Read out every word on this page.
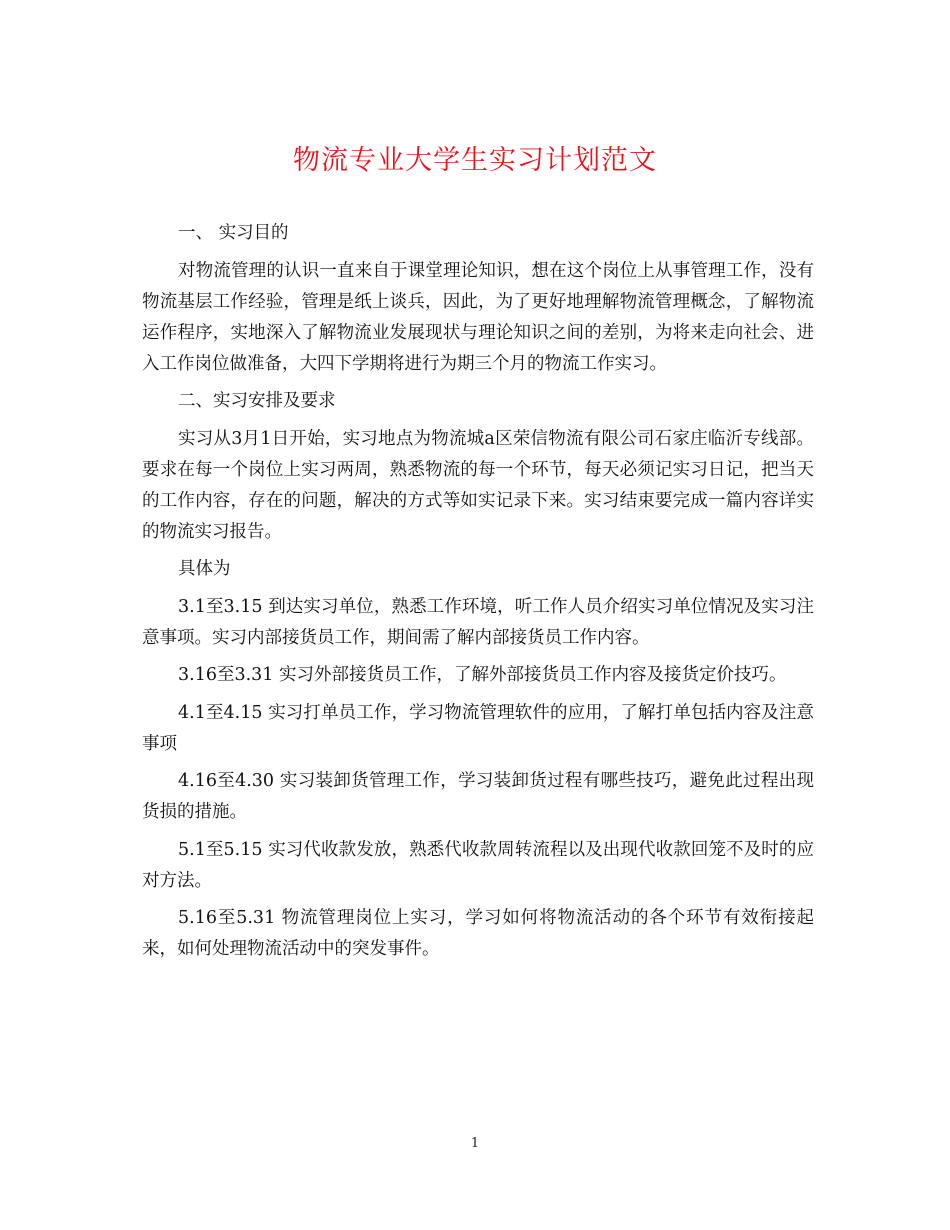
物流专业大学生实习计划范文

一、 实习目的

对物流管理的认识一直来自于课堂理论知识，想在这个岗位上从事管理工作，没有物流基层工作经验，管理是纸上谈兵，因此，为了更好地理解物流管理概念，了解物流运作程序，实地深入了解物流业发展现状与理论知识之间的差别，为将来走向社会、进入工作岗位做准备，大四下学期将进行为期三个月的物流工作实习。

二、实习安排及要求

实习从3月1日开始，实习地点为物流城a区荣信物流有限公司石家庄临沂专线部。要求在每一个岗位上实习两周，熟悉物流的每一个环节，每天必须记实习日记，把当天的工作内容，存在的问题，解决的方式等如实记录下来。实习结束要完成一篇内容详实的物流实习报告。

具体为

3.1至3.15 到达实习单位，熟悉工作环境，听工作人员介绍实习单位情况及实习注意事项。实习内部接货员工作，期间需了解内部接货员工作内容。

3.16至3.31 实习外部接货员工作，了解外部接货员工作内容及接货定价技巧。

4.1至4.15 实习打单员工作，学习物流管理软件的应用，了解打单包括内容及注意事项

4.16至4.30 实习装卸货管理工作，学习装卸货过程有哪些技巧，避免此过程出现货损的措施。

5.1至5.15 实习代收款发放，熟悉代收款周转流程以及出现代收款回笼不及时的应对方法。

5.16至5.31 物流管理岗位上实习，学习如何将物流活动的各个环节有效衔接起来，如何处理物流活动中的突发事件。

1
